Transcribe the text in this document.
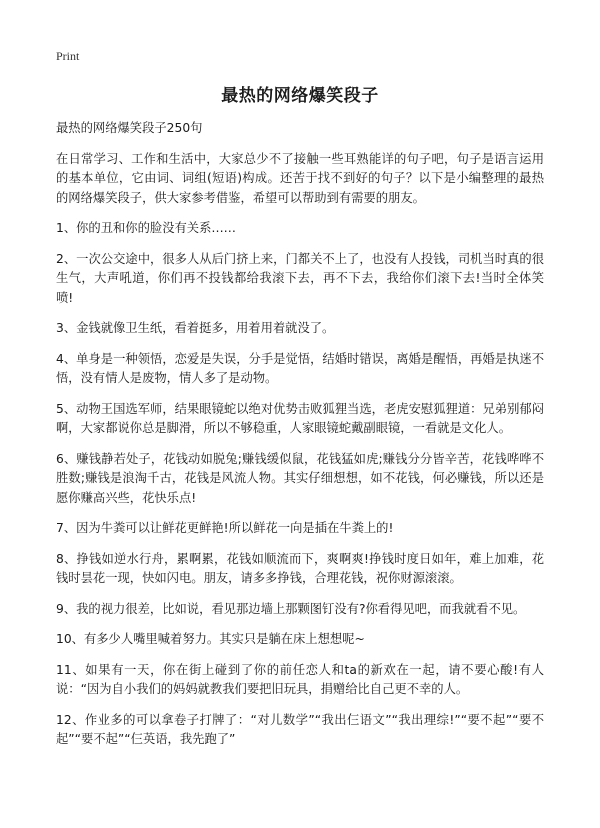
Print
最热的网络爆笑段子

最热的网络爆笑段子250句

在日常学习、工作和生活中，大家总少不了接触一些耳熟能详的句子吧，句子是语言运用的基本单位，它由词、词组(短语)构成。还苦于找不到好的句子？以下是小编整理的最热的网络爆笑段子，供大家参考借鉴，希望可以帮助到有需要的朋友。

1、你的丑和你的脸没有关系……

2、一次公交途中，很多人从后门挤上来，门都关不上了，也没有人投钱，司机当时真的很生气，大声吼道，你们再不投钱都给我滚下去，再不下去，我给你们滚下去!当时全体笑喷!

3、金钱就像卫生纸，看着挺多，用着用着就没了。

4、单身是一种领悟，恋爱是失误，分手是觉悟，结婚时错误，离婚是醒悟，再婚是执迷不悟，没有情人是废物，情人多了是动物。

5、动物王国选军师，结果眼镜蛇以绝对优势击败狐狸当选，老虎安慰狐狸道：兄弟别郁闷啊，大家都说你总是脚滑，所以不够稳重，人家眼镜蛇戴副眼镜，一看就是文化人。

6、赚钱静若处子，花钱动如脱兔;赚钱缓似鼠，花钱猛如虎;赚钱分分皆辛苦，花钱哗哗不胜数;赚钱是浪淘千古，花钱是风流人物。其实仔细想想，如不花钱，何必赚钱，所以还是愿你赚高兴些，花快乐点!

7、因为牛粪可以让鲜花更鲜艳!所以鲜花一向是插在牛粪上的!

8、挣钱如逆水行舟，累啊累，花钱如顺流而下，爽啊爽!挣钱时度日如年，难上加难，花钱时昙花一现，快如闪电。朋友，请多多挣钱，合理花钱，祝你财源滚滚。

9、我的视力很差，比如说，看见那边墙上那颗图钉没有?你看得见吧，而我就看不见。

10、有多少人嘴里喊着努力。其实只是躺在床上想想呢~

11、如果有一天，你在街上碰到了你的前任恋人和ta的新欢在一起，请不要心酸!有人说：“因为自小我们的妈妈就教我们要把旧玩具，捐赠给比自己更不幸的人。

12、作业多的可以拿卷子打牌了：“对儿数学”“我出仨语文”“我出理综!”“要不起”“要不起”“要不起”“仨英语，我先跑了”
